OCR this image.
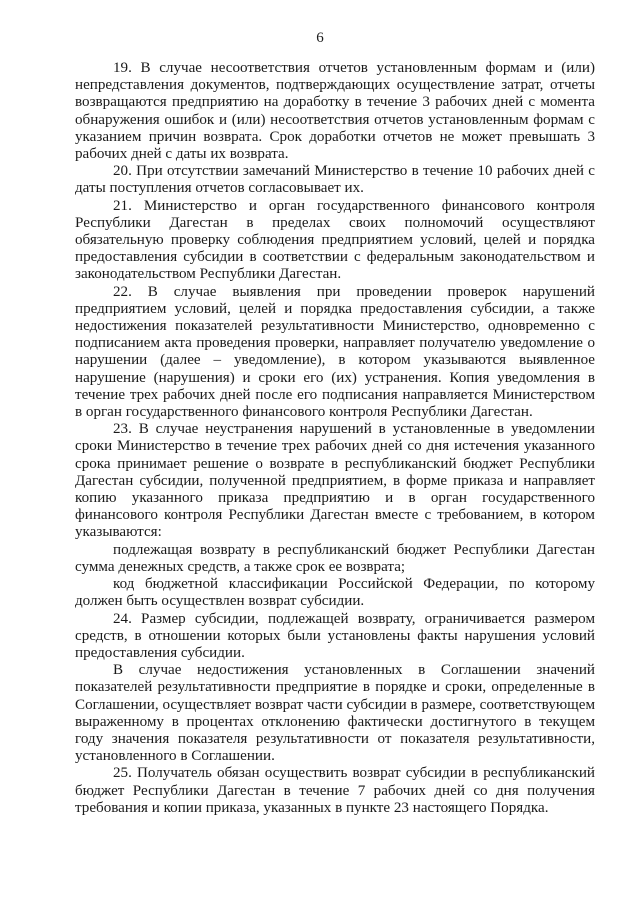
6

19. В случае несоответствия отчетов установленным формам и (или) непредставления документов, подтверждающих осуществление затрат, отчеты возвращаются предприятию на доработку в течение 3 рабочих дней с момента обнаружения ошибок и (или) несоответствия отчетов установленным формам с указанием причин возврата. Срок доработки отчетов не может превышать 3 рабочих дней с даты их возврата.

20. При отсутствии замечаний Министерство в течение 10 рабочих дней с даты поступления отчетов согласовывает их.

21. Министерство и орган государственного финансового контроля Республики Дагестан в пределах своих полномочий осуществляют обязательную проверку соблюдения предприятием условий, целей и порядка предоставления субсидии в соответствии с федеральным законодательством и законодательством Республики Дагестан.

22. В случае выявления при проведении проверок нарушений предприятием условий, целей и порядка предоставления субсидии, а также недостижения показателей результативности Министерство, одновременно с подписанием акта проведения проверки, направляет получателю уведомление о нарушении (далее – уведомление), в котором указываются выявленное нарушение (нарушения) и сроки его (их) устранения. Копия уведомления в течение трех рабочих дней после его подписания направляется Министерством в орган государственного финансового контроля Республики Дагестан.

23. В случае неустранения нарушений в установленные в уведомлении сроки Министерство в течение трех рабочих дней со дня истечения указанного срока принимает решение о возврате в республиканский бюджет Республики Дагестан субсидии, полученной предприятием, в форме приказа и направляет копию указанного приказа предприятию и в орган государственного финансового контроля Республики Дагестан вместе с требованием, в котором указываются:

подлежащая возврату в республиканский бюджет Республики Дагестан сумма денежных средств, а также срок ее возврата;

код бюджетной классификации Российской Федерации, по которому должен быть осуществлен возврат субсидии.

24. Размер субсидии, подлежащей возврату, ограничивается размером средств, в отношении которых были установлены факты нарушения условий предоставления субсидии.

В случае недостижения установленных в Соглашении значений показателей результативности предприятие в порядке и сроки, определенные в Соглашении, осуществляет возврат части субсидии в размере, соответствующем выраженному в процентах отклонению фактически достигнутого в текущем году значения показателя результативности от показателя результативности, установленного в Соглашении.

25. Получатель обязан осуществить возврат субсидии в республиканский бюджет Республики Дагестан в течение 7 рабочих дней со дня получения требования и копии приказа, указанных в пункте 23 настоящего Порядка.
